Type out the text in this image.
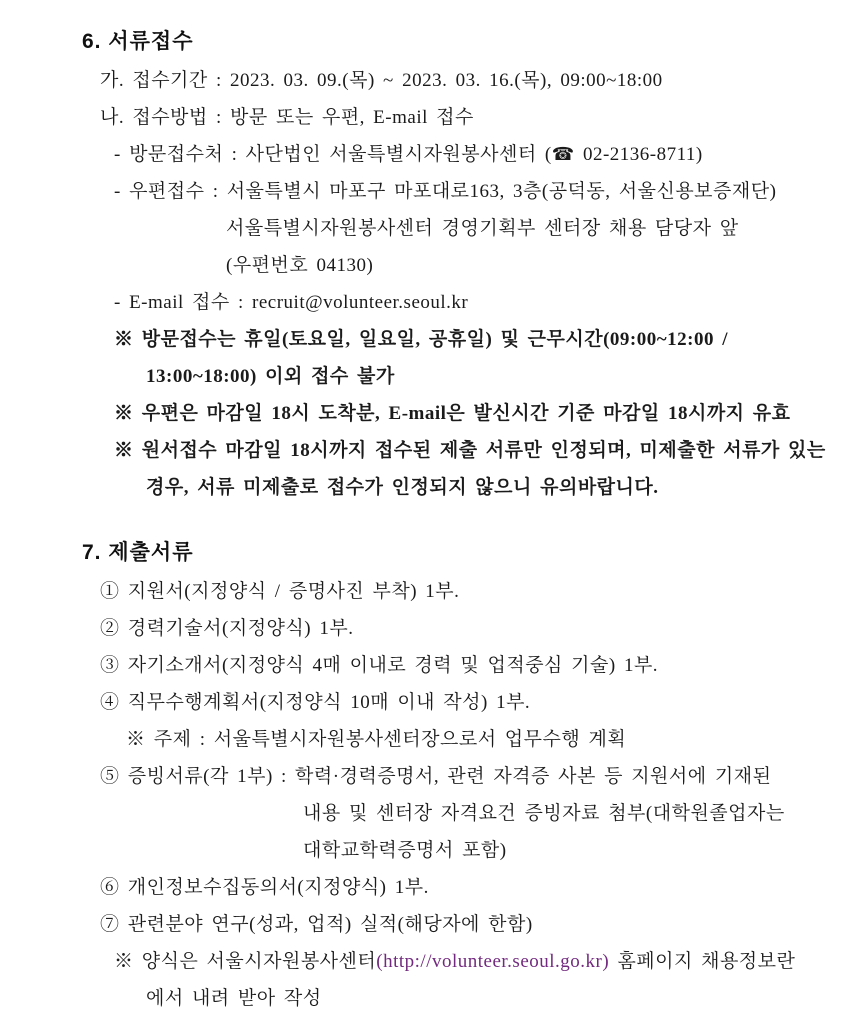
6. 서류접수
가. 접수기간 : 2023. 03. 09.(목) ~ 2023. 03. 16.(목), 09:00~18:00
나. 접수방법 : 방문 또는 우편, E-mail 접수
- 방문접수처 : 사단법인 서울특별시자원봉사센터 (☎ 02-2136-8711)
- 우편접수 : 서울특별시 마포구 마포대로163, 3층(공덕동, 서울신용보증재단)
서울특별시자원봉사센터 경영기획부 센터장 채용 담당자 앞
(우편번호 04130)
- E-mail 접수 : recruit@volunteer.seoul.kr
※ 방문접수는 휴일(토요일, 일요일, 공휴일) 및 근무시간(09:00~12:00 /
13:00~18:00) 이외 접수 불가
※ 우편은 마감일 18시 도착분, E-mail은 발신시간 기준 마감일 18시까지 유효
※ 원서접수 마감일 18시까지 접수된 제출 서류만 인정되며, 미제출한 서류가 있는
경우, 서류 미제출로 접수가 인정되지 않으니 유의바랍니다.
7. 제출서류
① 지원서(지정양식 / 증명사진 부착) 1부.
② 경력기술서(지정양식) 1부.
③ 자기소개서(지정양식 4매 이내로 경력 및 업적중심 기술) 1부.
④ 직무수행계획서(지정양식 10매 이내 작성) 1부.
※ 주제 : 서울특별시자원봉사센터장으로서 업무수행 계획
⑤ 증빙서류(각 1부) : 학력·경력증명서, 관련 자격증 사본 등 지원서에 기재된
내용 및 센터장 자격요건 증빙자료 첨부(대학원졸업자는
대학교학력증명서 포함)
⑥ 개인정보수집동의서(지정양식) 1부.
⑦ 관련분야 연구(성과, 업적) 실적(해당자에 한함)
※ 양식은 서울시자원봉사센터(http://volunteer.seoul.go.kr) 홈페이지 채용정보란
에서 내려 받아 작성
